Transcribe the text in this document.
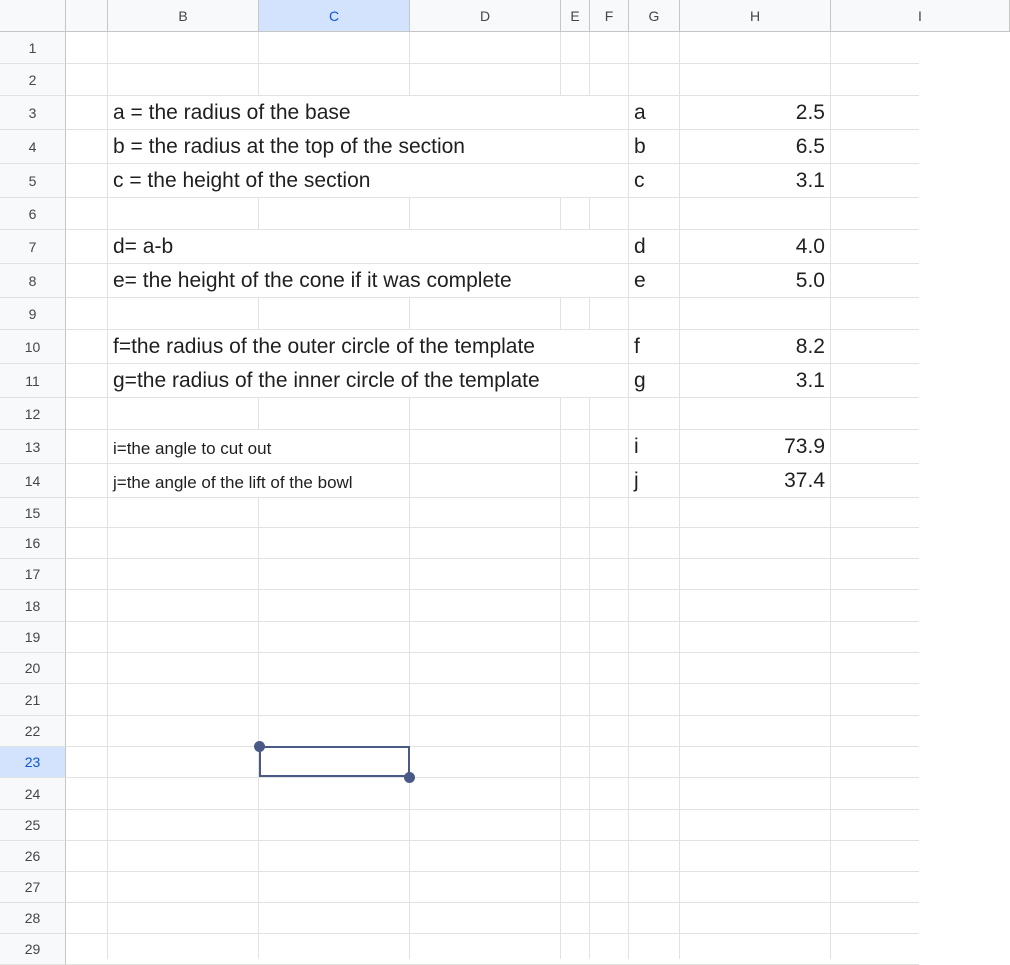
B	C	D	E	F	G	H	I
1
2
3
4
5
6
7
8
9
10
11
12
13
14
15
16
17
18
19
20
21
22
23
24
25
26
27
28
29
a = the radius of the base	a	2.5
b = the radius at the top of the section	b	6.5
c = the height of the section	c	3.1
d= a-b	d	4.0
e= the height of the cone if it was complete	e	5.0
f=the radius of the outer circle of the template	f	8.2
g=the radius of the inner circle of the template	g	3.1
i=the angle to cut out	i	73.9
j=the angle of the lift of the bowl	j	37.4
